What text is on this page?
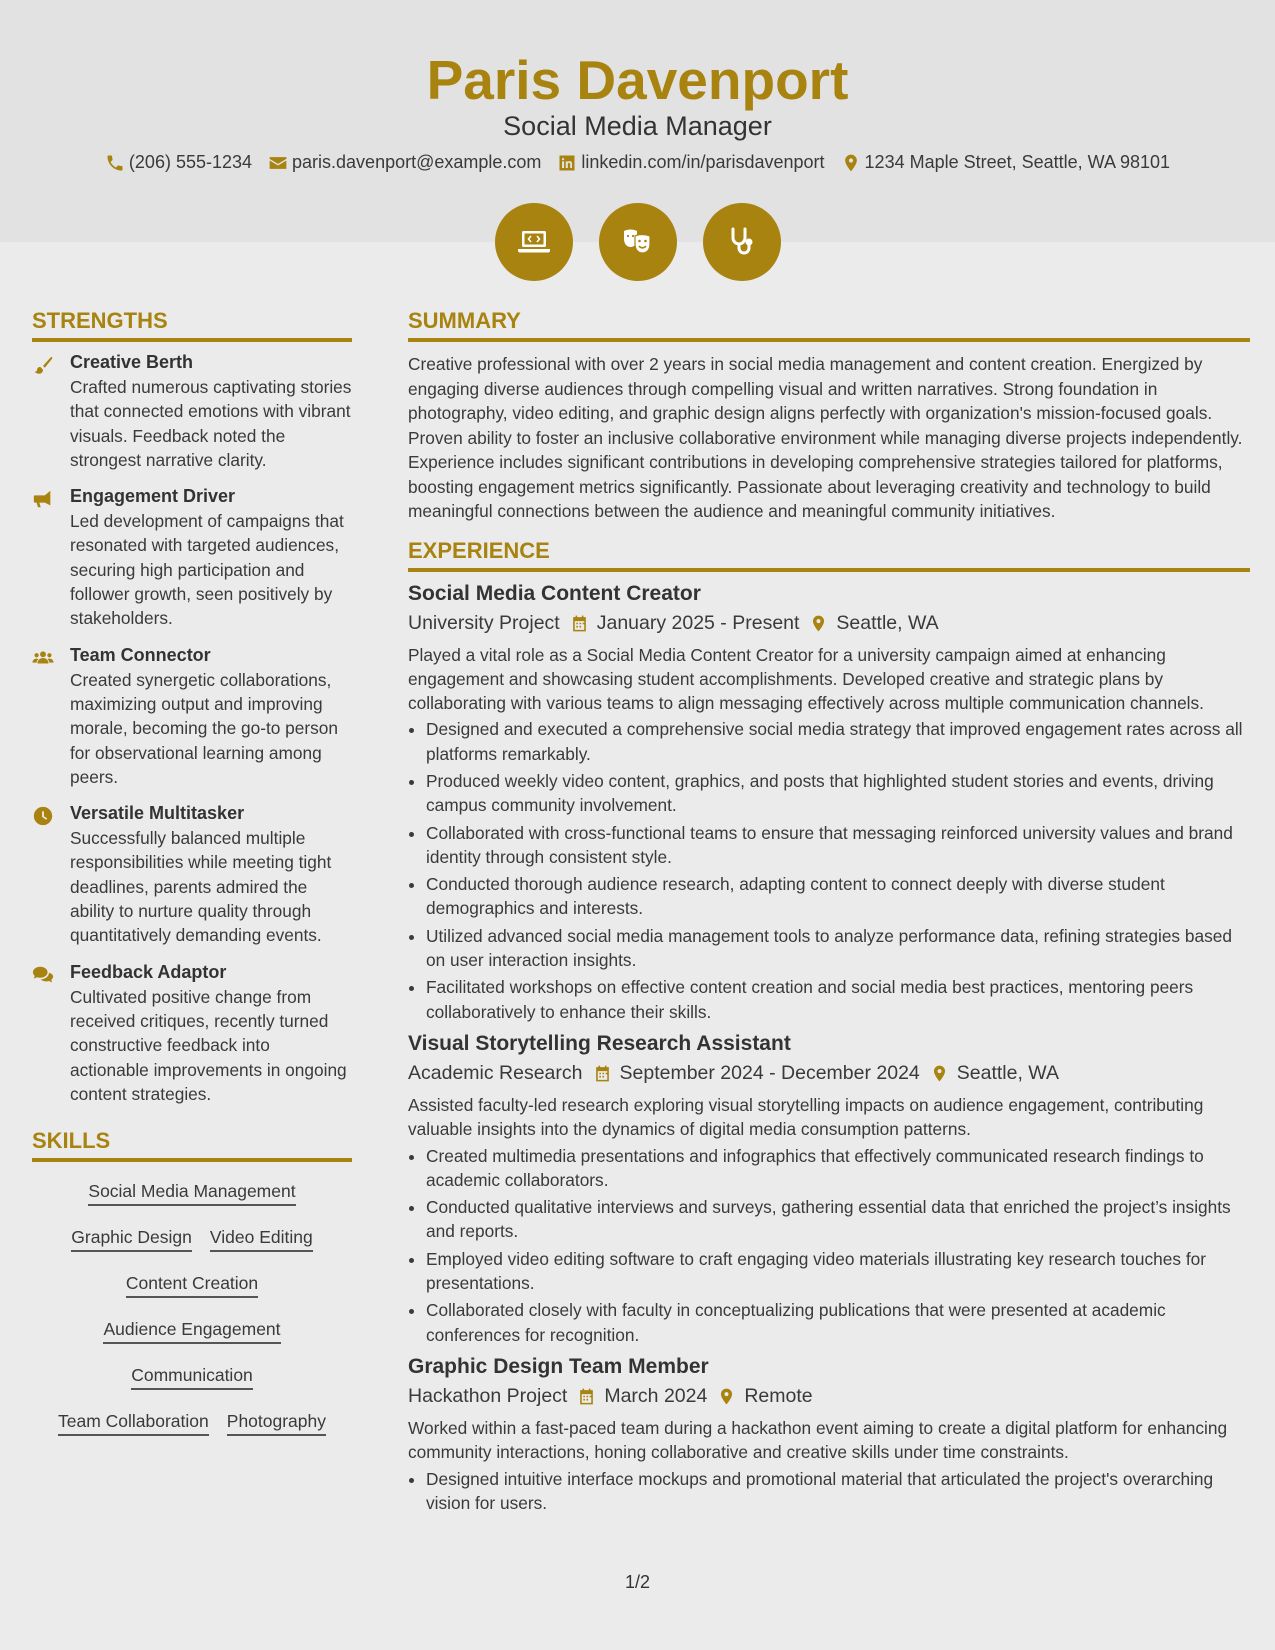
Paris Davenport
Social Media Manager
(206) 555-1234 paris.davenport@example.com linkedin.com/in/parisdavenport 1234 Maple Street, Seattle, WA 98101
STRENGTHS
Creative Berth
Crafted numerous captivating stories that connected emotions with vibrant visuals. Feedback noted the strongest narrative clarity.
Engagement Driver
Led development of campaigns that resonated with targeted audiences, securing high participation and follower growth, seen positively by stakeholders.
Team Connector
Created synergetic collaborations, maximizing output and improving morale, becoming the go-to person for observational learning among peers.
Versatile Multitasker
Successfully balanced multiple responsibilities while meeting tight deadlines, parents admired the ability to nurture quality through quantitatively demanding events.
Feedback Adaptor
Cultivated positive change from received critiques, recently turned constructive feedback into actionable improvements in ongoing content strategies.
SKILLS
Social Media Management
Graphic Design Video Editing
Content Creation
Audience Engagement
Communication
Team Collaboration Photography
SUMMARY

Creative professional with over 2 years in social media management and content creation. Energized by engaging diverse audiences through compelling visual and written narratives. Strong foundation in photography, video editing, and graphic design aligns perfectly with organization's mission-focused goals. Proven ability to foster an inclusive collaborative environment while managing diverse projects independently. Experience includes significant contributions in developing comprehensive strategies tailored for platforms, boosting engagement metrics significantly. Passionate about leveraging creativity and technology to build meaningful connections between the audience and meaningful community initiatives.

EXPERIENCE
Social Media Content Creator
University Project January 2025 - Present Seattle, WA

Played a vital role as a Social Media Content Creator for a university campaign aimed at enhancing engagement and showcasing student accomplishments. Developed creative and strategic plans by collaborating with various teams to align messaging effectively across multiple communication channels.

• Designed and executed a comprehensive social media strategy that improved engagement rates across all platforms remarkably.
• Produced weekly video content, graphics, and posts that highlighted student stories and events, driving campus community involvement.
• Collaborated with cross-functional teams to ensure that messaging reinforced university values and brand identity through consistent style.
• Conducted thorough audience research, adapting content to connect deeply with diverse student demographics and interests.
• Utilized advanced social media management tools to analyze performance data, refining strategies based on user interaction insights.
• Facilitated workshops on effective content creation and social media best practices, mentoring peers collaboratively to enhance their skills.
Visual Storytelling Research Assistant
Academic Research September 2024 - December 2024 Seattle, WA

Assisted faculty-led research exploring visual storytelling impacts on audience engagement, contributing valuable insights into the dynamics of digital media consumption patterns.

• Created multimedia presentations and infographics that effectively communicated research findings to academic collaborators.
• Conducted qualitative interviews and surveys, gathering essential data that enriched the project’s insights and reports.
• Employed video editing software to craft engaging video materials illustrating key research touches for presentations.
• Collaborated closely with faculty in conceptualizing publications that were presented at academic conferences for recognition.
Graphic Design Team Member
Hackathon Project March 2024 Remote

Worked within a fast-paced team during a hackathon event aiming to create a digital platform for enhancing community interactions, honing collaborative and creative skills under time constraints.

• Designed intuitive interface mockups and promotional material that articulated the project's overarching vision for users.
1/2
